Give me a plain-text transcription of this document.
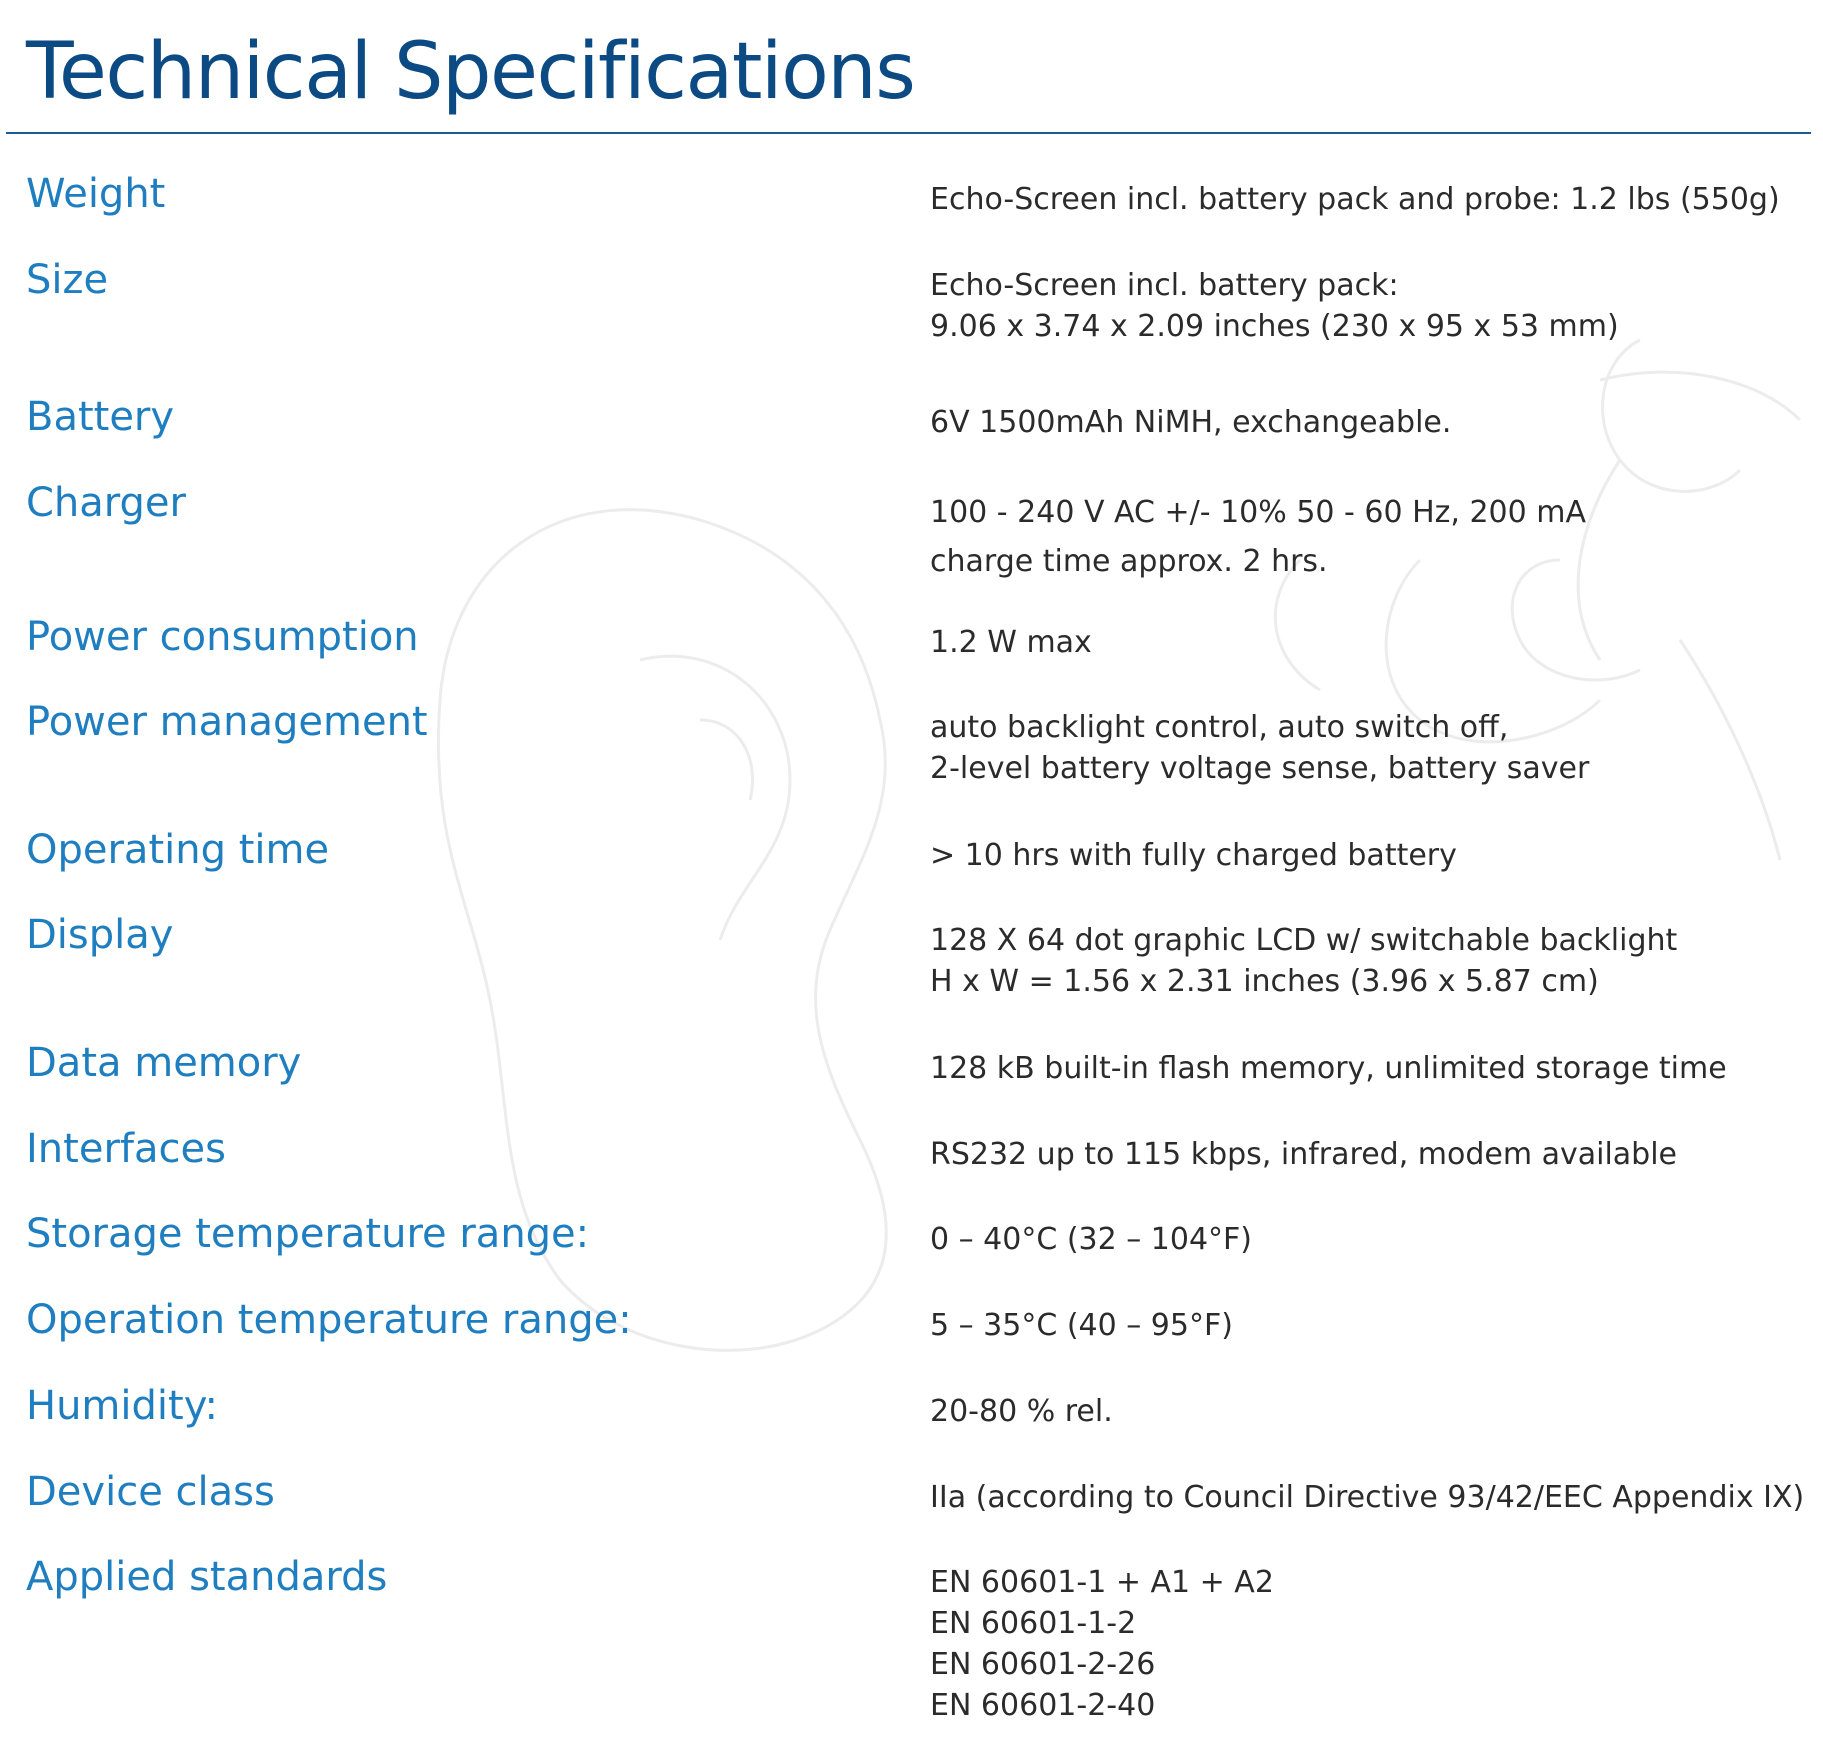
Technical Specifications
Weight	Echo-Screen incl. battery pack and probe: 1.2 lbs (550g)
Size	Echo-Screen incl. battery pack:
9.06 x 3.74 x 2.09 inches (230 x 95 x 53 mm)
Battery	6V 1500mAh NiMH, exchangeable.
Charger	100 - 240 V AC +/- 10% 50 - 60 Hz, 200 mA
charge time approx. 2 hrs.
Power consumption	1.2 W max
Power management	auto backlight control, auto switch off,
2-level battery voltage sense, battery saver
Operating time	> 10 hrs with fully charged battery
Display	128 X 64 dot graphic LCD w/ switchable backlight
H x W = 1.56 x 2.31 inches (3.96 x 5.87 cm)
Data memory	128 kB built-in flash memory, unlimited storage time
Interfaces	RS232 up to 115 kbps, infrared, modem available
Storage temperature range:	0 – 40°C (32 – 104°F)
Operation temperature range:	5 – 35°C (40 – 95°F)
Humidity:	20-80 % rel.
Device class	IIa (according to Council Directive 93/42/EEC Appendix IX)
Applied standards	EN 60601-1 + A1 + A2
EN 60601-1-2
EN 60601-2-26
EN 60601-2-40
